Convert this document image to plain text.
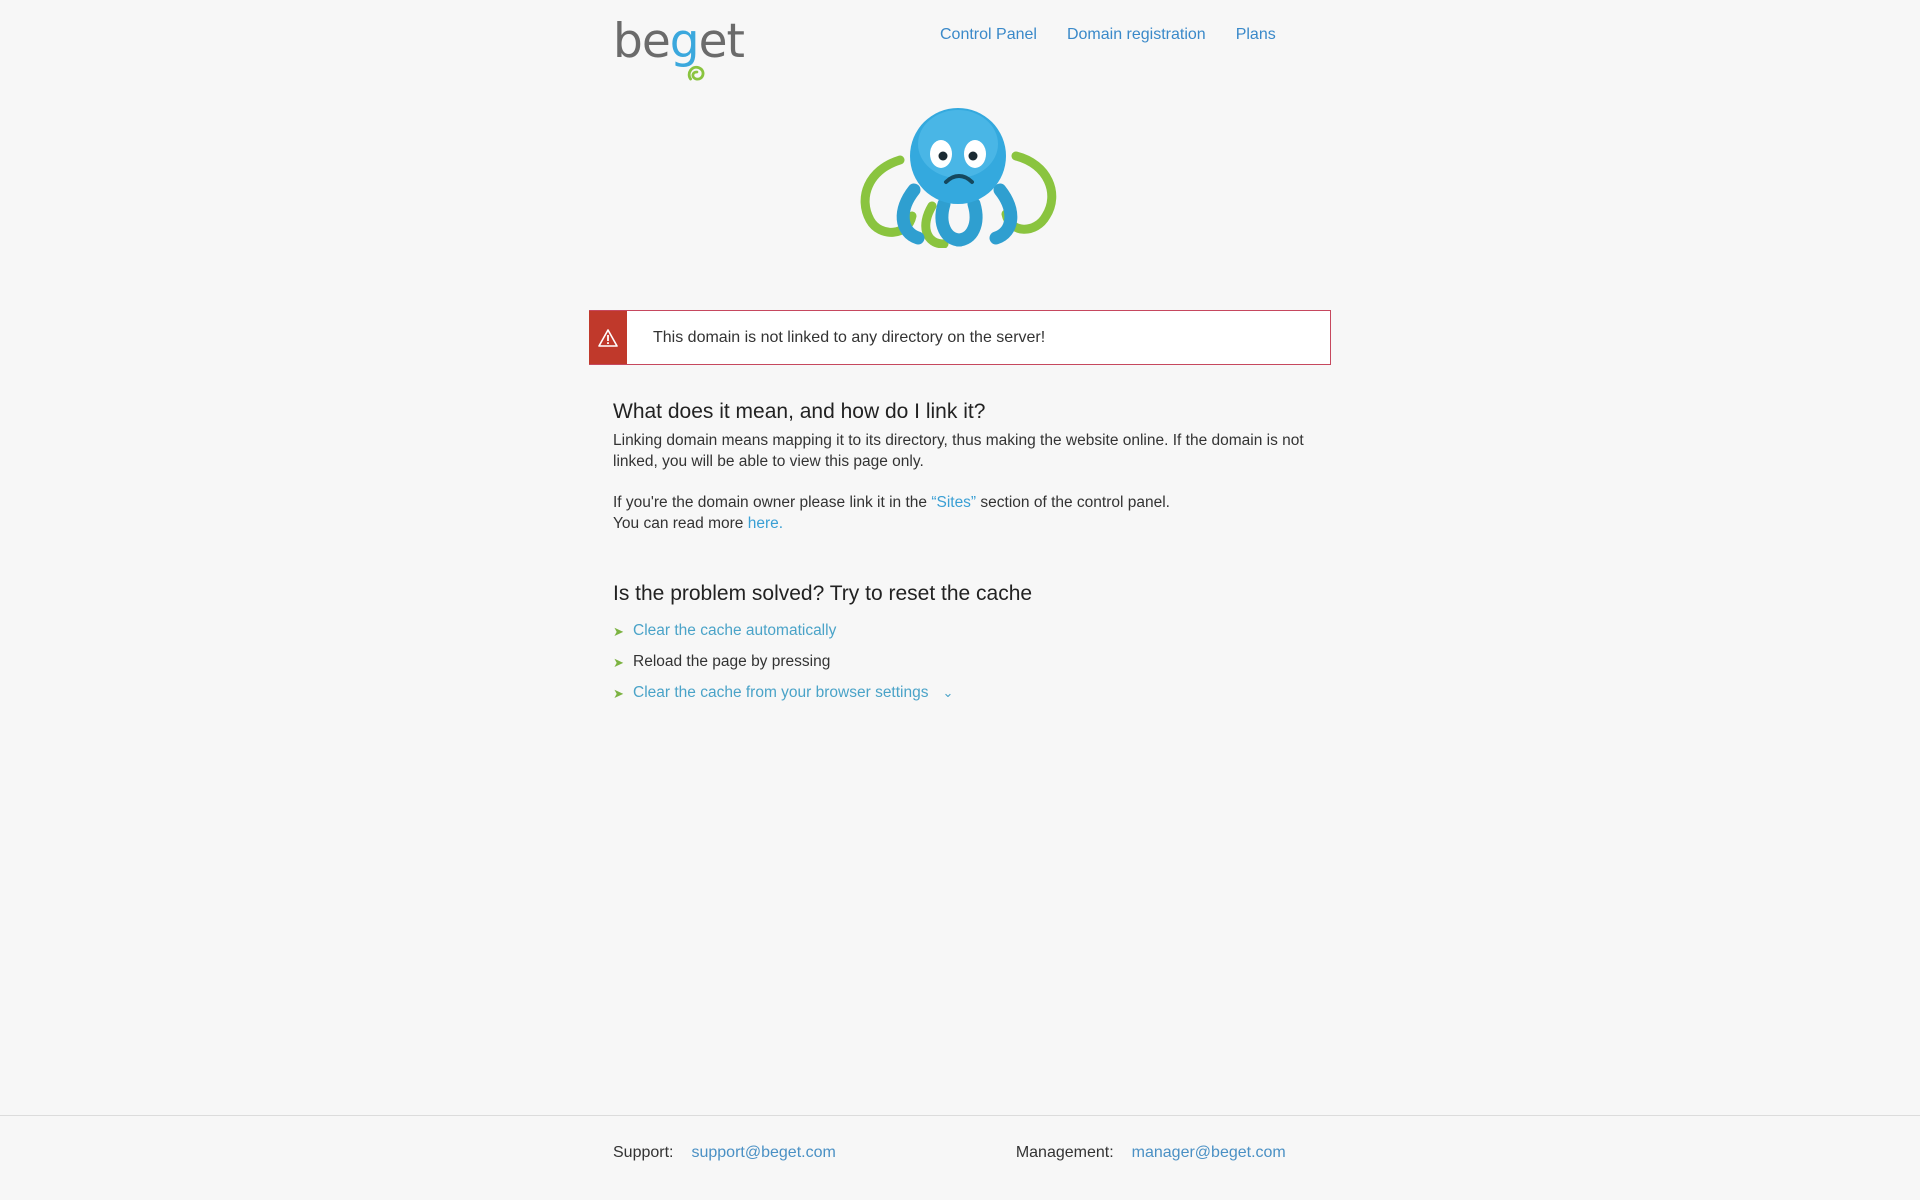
beget	Control Panel Domain registration Plans
This domain is not linked to any directory on the server!
What does it mean, and how do I link it?

Linking domain means mapping it to its directory, thus making the website online. If the domain is not linked, you will be able to view this page only.

If you're the domain owner please link it in the “Sites” section of the control panel.

You can read more here.

Is the problem solved? Try to reset the cache
➤ Clear the cache automatically
➤ Reload the page by pressing
➤ Clear the cache from your browser settings ⌄
Support: support@beget.com	Management: manager@beget.com
